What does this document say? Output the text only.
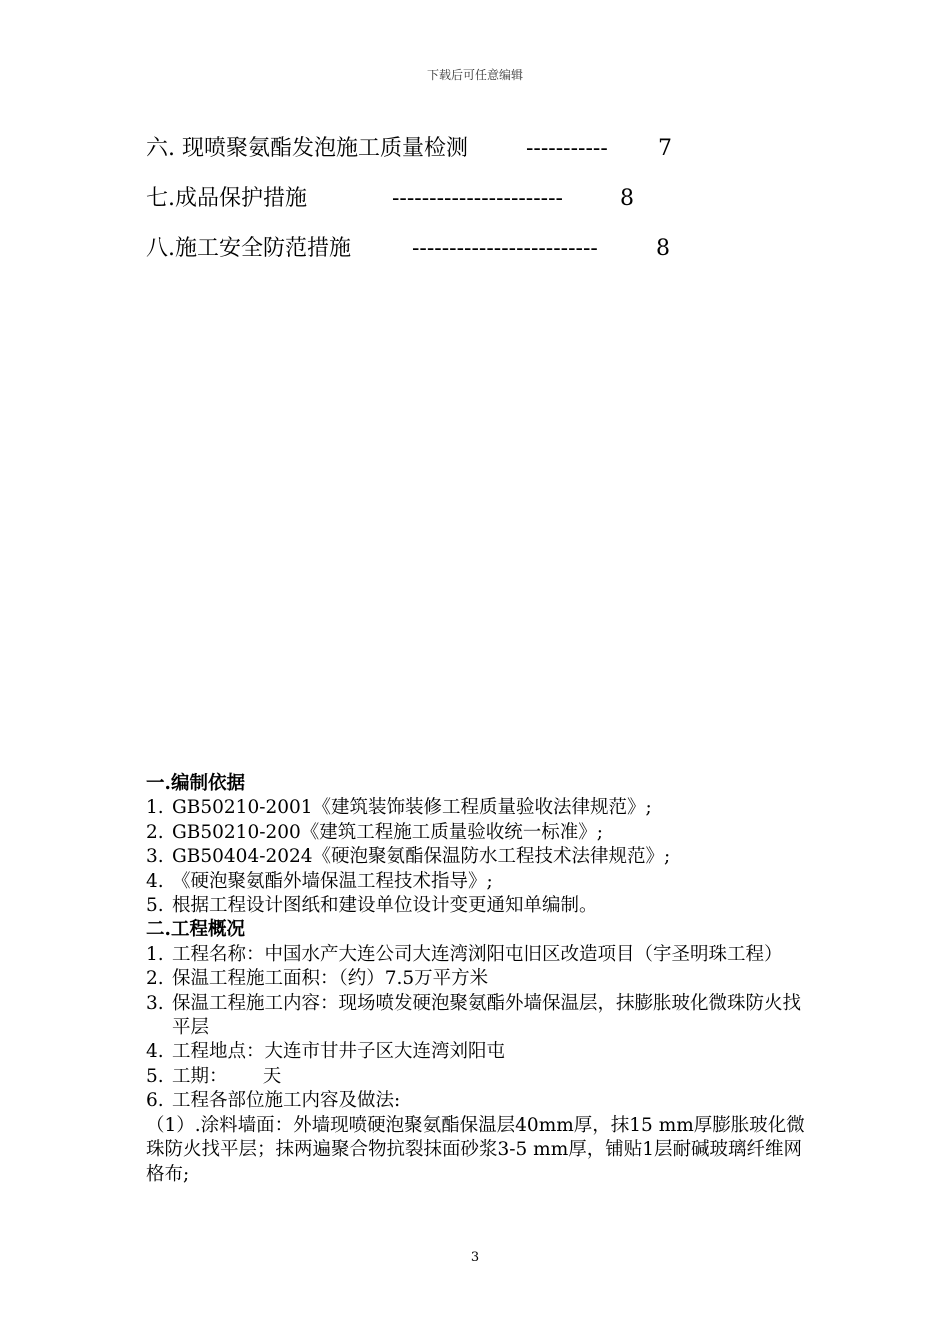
下载后可任意编辑
六. 现喷聚氨酯发泡施工质量检测	----------- 7
七.成品保护措施	-----------------------	8
八.施工安全防范措施	-------------------------	8

一.编制依据

1. GB50210-2001《建筑装饰装修工程质量验收法律规范》;

2. GB50210-200《建筑工程施工质量验收统一标准》;

3. GB50404-2024《硬泡聚氨酯保温防水工程技术法律规范》;

4. 《硬泡聚氨酯外墙保温工程技术指导》;

5. 根据工程设计图纸和建设单位设计变更通知单编制。

二.工程概况

1. 工程名称：中国水产大连公司大连湾浏阳屯旧区改造项目（宇圣明珠工程）

2. 保温工程施工面积：（约）7.5万平方米

3. 保温工程施工内容：现场喷发硬泡聚氨酯外墙保温层，抹膨胀玻化微珠防火找平层

4. 工程地点：大连市甘井子区大连湾刘阳屯

5. 工期：      天

6. 工程各部位施工内容及做法:

（1）.涂料墙面：外墙现喷硬泡聚氨酯保温层40mm厚，抹15 mm厚膨胀玻化微珠防火找平层；抹两遍聚合物抗裂抹面砂浆3-5 mm厚，铺贴1层耐碱玻璃纤维网格布;

3
